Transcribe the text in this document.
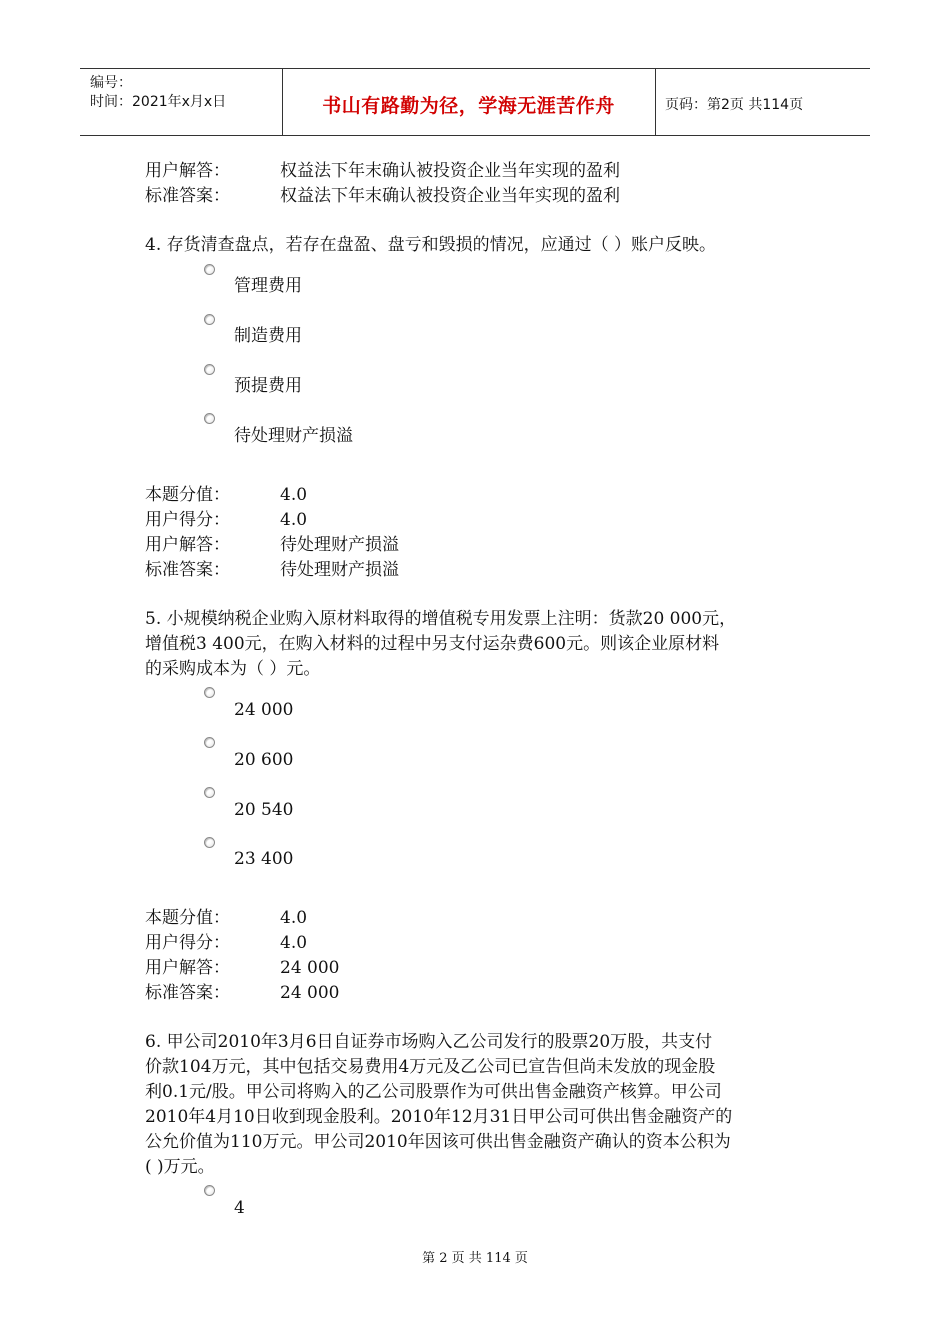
编号：
时间：2021年x月x日	书山有路勤为径，学海无涯苦作舟	页码：第2页 共114页
用户解答：	权益法下年末确认被投资企业当年实现的盈利
标准答案：	权益法下年末确认被投资企业当年实现的盈利
4. 存货清查盘点，若存在盘盈、盘亏和毁损的情况，应通过（ ）账户反映。
管理费用
制造费用
预提费用
待处理财产损溢
本题分值：	4.0
用户得分：	4.0
用户解答：	待处理财产损溢
标准答案：	待处理财产损溢
5. 小规模纳税企业购入原材料取得的增值税专用发票上注明：货款20 000元，
增值税3 400元，在购入材料的过程中另支付运杂费600元。则该企业原材料
的采购成本为（ ）元。
24 000
20 600
20 540
23 400
本题分值：	4.0
用户得分：	4.0
用户解答：	24 000
标准答案：	24 000
6. 甲公司2010年3月6日自证券市场购入乙公司发行的股票20万股，共支付
价款104万元，其中包括交易费用4万元及乙公司已宣告但尚未发放的现金股
利0.1元/股。甲公司将购入的乙公司股票作为可供出售金融资产核算。甲公司
2010年4月10日收到现金股利。2010年12月31日甲公司可供出售金融资产的
公允价值为110万元。甲公司2010年因该可供出售金融资产确认的资本公积为
( )万元。
4
第 2 页 共 114 页
